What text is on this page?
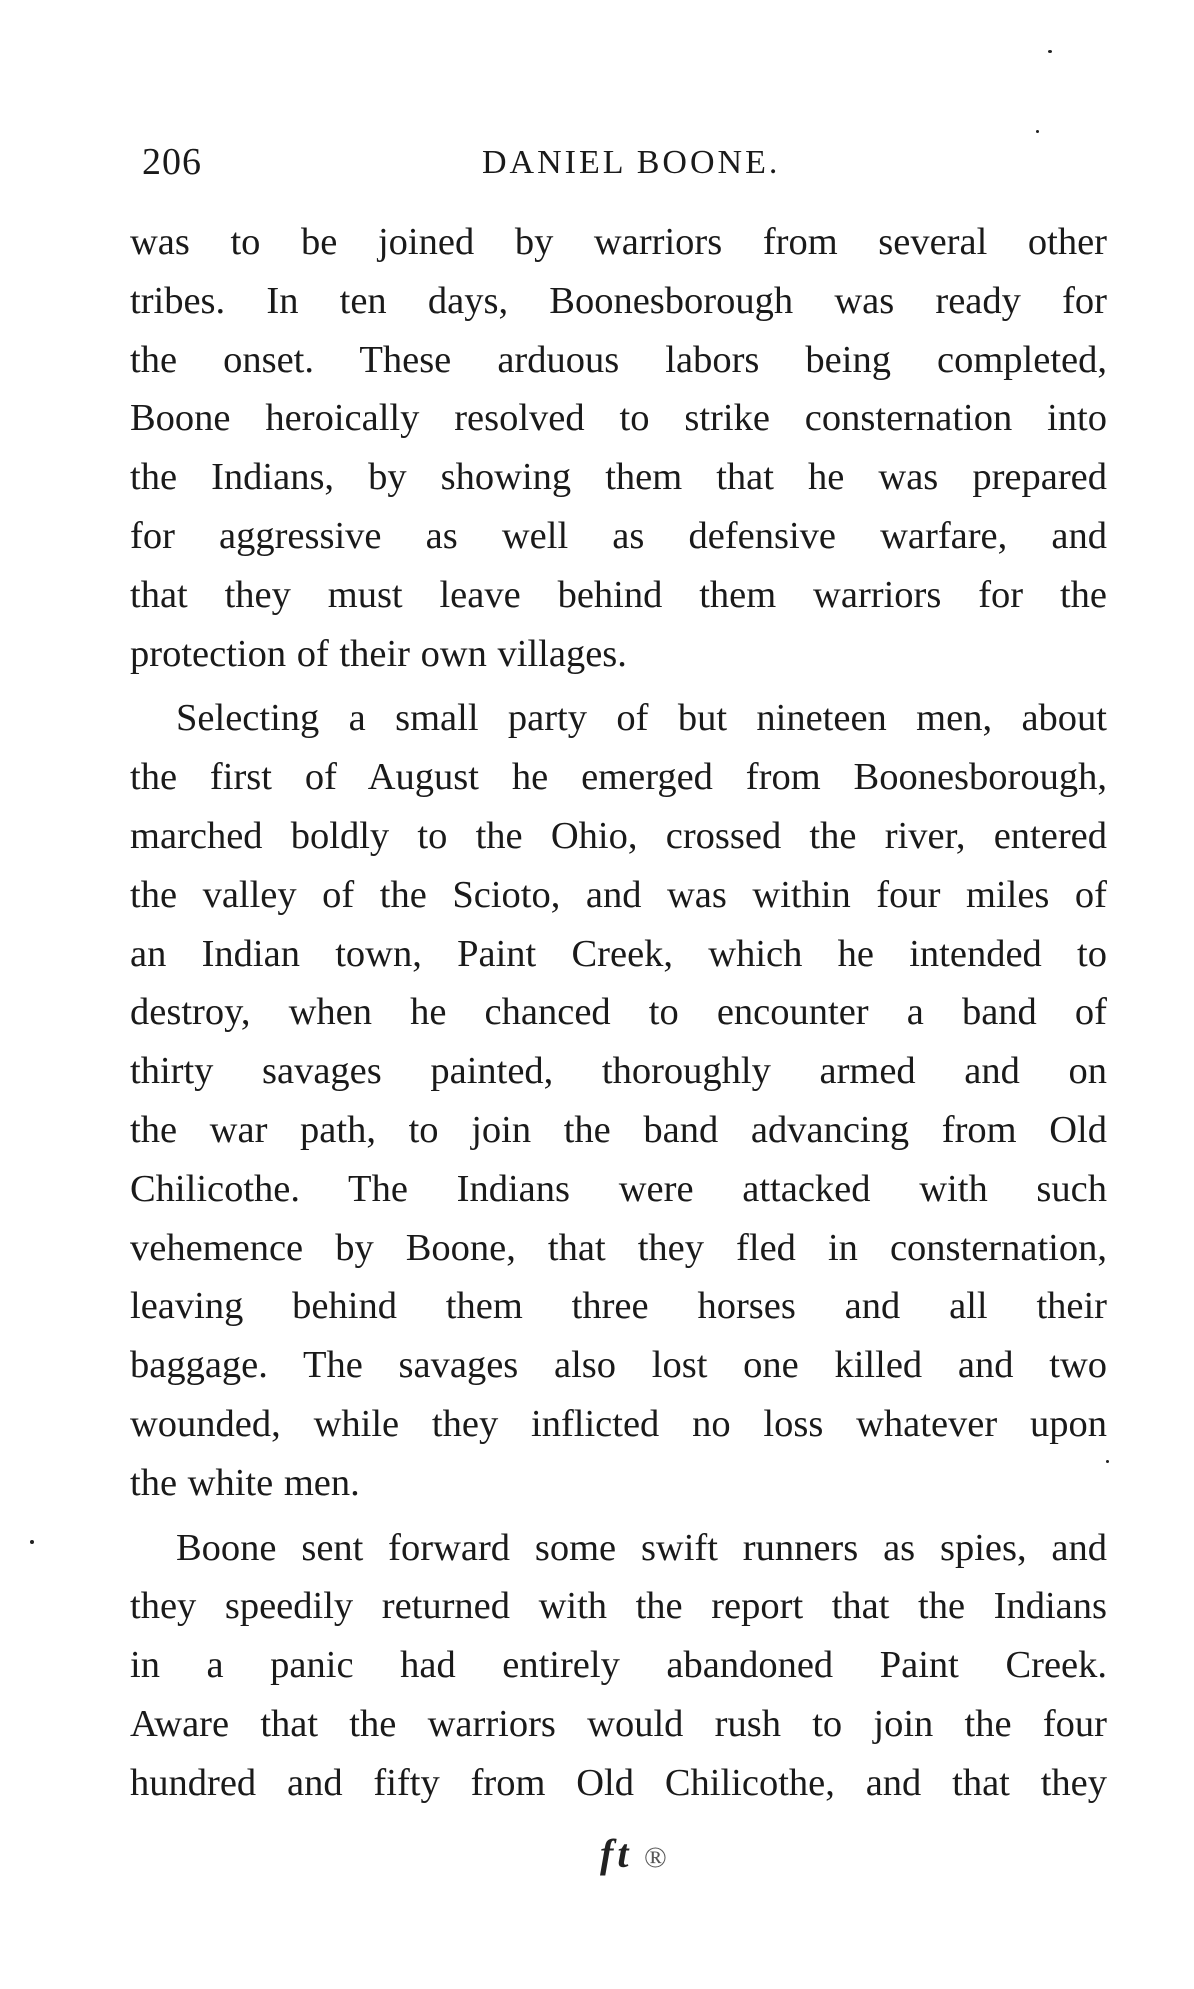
206	DANIEL BOONE.

was to be joined by warriors from several other
tribes. In ten days, Boonesborough was ready for
the onset. These arduous labors being completed,
Boone heroically resolved to strike consternation into
the Indians, by showing them that he was prepared
for aggressive as well as defensive warfare, and
that they must leave behind them warriors for the
protection of their own villages.

Selecting a small party of but nineteen men, about
the first of August he emerged from Boonesborough,
marched boldly to the Ohio, crossed the river, entered
the valley of the Scioto, and was within four miles of
an Indian town, Paint Creek, which he intended to
destroy, when he chanced to encounter a band of
thirty savages painted, thoroughly armed and on
the war path, to join the band advancing from Old
Chilicothe. The Indians were attacked with such
vehemence by Boone, that they fled in consternation,
leaving behind them three horses and all their
baggage. The savages also lost one killed and two
wounded, while they inflicted no loss whatever upon
the white men.

Boone sent forward some swift runners as spies, and
they speedily returned with the report that the Indians
in a panic had entirely abandoned Paint Creek.
Aware that the warriors would rush to join the four
hundred and fifty from Old Chilicothe, and that they

ft ®
